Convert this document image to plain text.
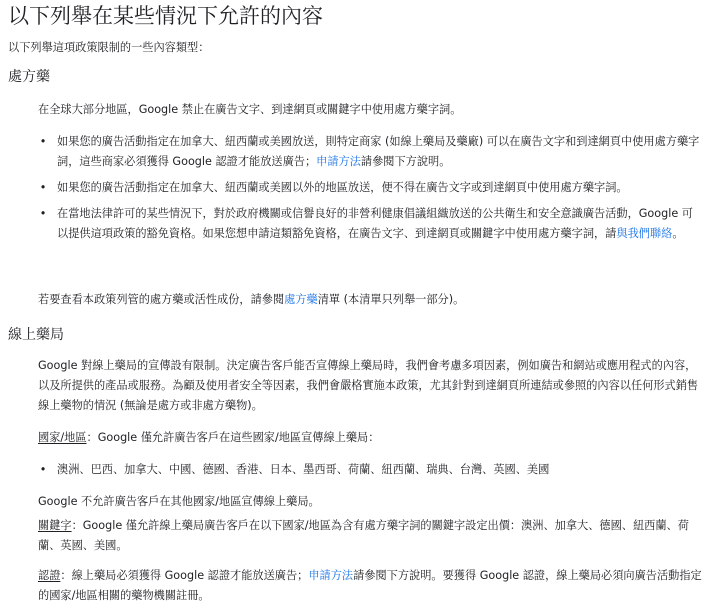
以下列舉在某些情況下允許的內容
以下列舉這項政策限制的一些內容類型：
處方藥
在全球大部分地區，Google 禁止在廣告文字、到達網頁或關鍵字中使用處方藥字詞。
• 如果您的廣告活動指定在加拿大、紐西蘭或美國放送，則特定商家 (如線上藥局及藥廠) 可以在廣告文字和到達網頁中使用處方藥字詞，這些商家必須獲得 Google 認證才能放送廣告；申請方法請參閱下方說明。
• 如果您的廣告活動指定在加拿大、紐西蘭或美國以外的地區放送，便不得在廣告文字或到達網頁中使用處方藥字詞。
• 在當地法律許可的某些情況下，對於政府機關或信譽良好的非營利健康倡議組織放送的公共衛生和安全意識廣告活動，Google 可以提供這項政策的豁免資格。如果您想申請這類豁免資格，在廣告文字、到達網頁或關鍵字中使用處方藥字詞，請與我們聯絡。
若要查看本政策列管的處方藥或活性成份，請參閱處方藥清單 (本清單只列舉一部分)。
線上藥局
Google 對線上藥局的宣傳設有限制。決定廣告客戶能否宣傳線上藥局時，我們會考慮多項因素，例如廣告和網站或應用程式的內容，以及所提供的產品或服務。為顧及使用者安全等因素，我們會嚴格實施本政策，尤其針對到達網頁所連結或參照的內容以任何形式銷售線上藥物的情況 (無論是處方或非處方藥物)。
國家/地區：Google 僅允許廣告客戶在這些國家/地區宣傳線上藥局：
• 澳洲、巴西、加拿大、中國、德國、香港、日本、墨西哥、荷蘭、紐西蘭、瑞典、台灣、英國、美國
Google 不允許廣告客戶在其他國家/地區宣傳線上藥局。
關鍵字：Google 僅允許線上藥局廣告客戶在以下國家/地區為含有處方藥字詞的關鍵字設定出價：澳洲、加拿大、德國、紐西蘭、荷蘭、英國、美國。
認證：線上藥局必須獲得 Google 認證才能放送廣告；申請方法請參閱下方說明。要獲得 Google 認證，線上藥局必須向廣告活動指定的國家/地區相關的藥物機關註冊。
